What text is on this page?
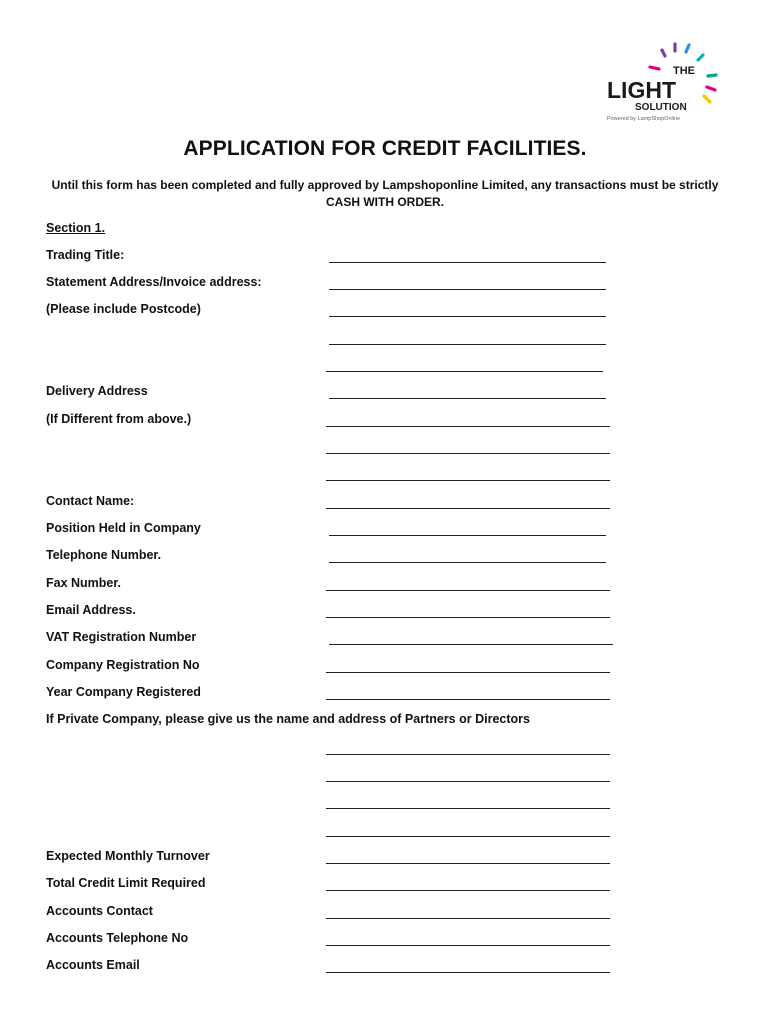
THE
LIGHT
SOLUTION
Powered by LampShopOnline
APPLICATION FOR CREDIT FACILITIES.
Until this form has been completed and fully approved by Lampshoponline Limited, any transactions must be strictly CASH WITH ORDER.
Section 1.
Trading Title:
Statement Address/Invoice address:
(Please include Postcode)
Delivery Address
(If Different from above.)
Contact Name:
Position Held in Company
Telephone Number.
Fax Number.
Email Address.
VAT Registration Number
Company Registration No
Year Company Registered
If Private Company, please give us the name and address of Partners or Directors
Expected Monthly Turnover
Total Credit Limit Required
Accounts Contact
Accounts Telephone No
Accounts Email
